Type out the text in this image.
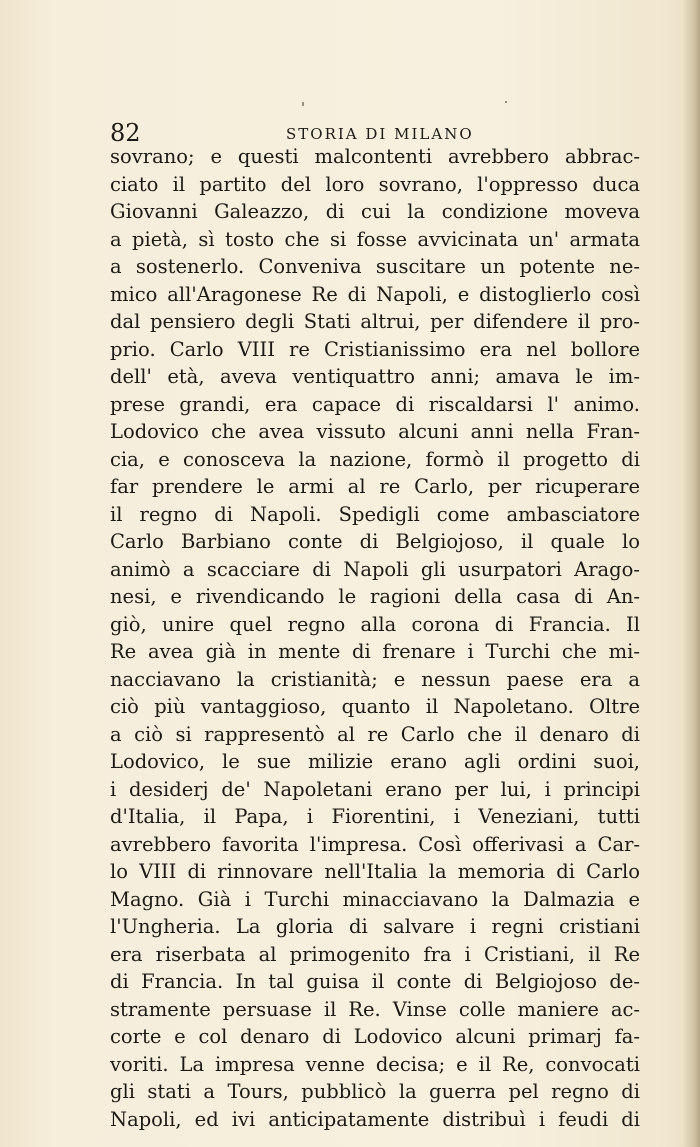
82	STORIA DI MILANO
sovrano; e questi malcontenti avrebbero abbrac-
ciato il partito del loro sovrano, l'oppresso duca
Giovanni Galeazzo, di cui la condizione moveva
a pietà, sì tosto che si fosse avvicinata un' armata
a sostenerlo. Conveniva suscitare un potente ne-
mico all'Aragonese Re di Napoli, e distoglierlo così
dal pensiero degli Stati altrui, per difendere il pro-
prio. Carlo VIII re Cristianissimo era nel bollore
dell' età, aveva ventiquattro anni; amava le im-
prese grandi, era capace di riscaldarsi l' animo.
Lodovico che avea vissuto alcuni anni nella Fran-
cia, e conosceva la nazione, formò il progetto di
far prendere le armi al re Carlo, per ricuperare
il regno di Napoli. Spedigli come ambasciatore
Carlo Barbiano conte di Belgiojoso, il quale lo
animò a scacciare di Napoli gli usurpatori Arago-
nesi, e rivendicando le ragioni della casa di An-
giò, unire quel regno alla corona di Francia. Il
Re avea già in mente di frenare i Turchi che mi-
nacciavano la cristianità; e nessun paese era a
ciò più vantaggioso, quanto il Napoletano. Oltre
a ciò si rappresentò al re Carlo che il denaro di
Lodovico, le sue milizie erano agli ordini suoi,
i desiderj de' Napoletani erano per lui, i principi
d'Italia, il Papa, i Fiorentini, i Veneziani, tutti
avrebbero favorita l'impresa. Così offerivasi a Car-
lo VIII di rinnovare nell'Italia la memoria di Carlo
Magno. Già i Turchi minacciavano la Dalmazia e
l'Ungheria. La gloria di salvare i regni cristiani
era riserbata al primogenito fra i Cristiani, il Re
di Francia. In tal guisa il conte di Belgiojoso de-
stramente persuase il Re. Vinse colle maniere ac-
corte e col denaro di Lodovico alcuni primarj fa-
voriti. La impresa venne decisa; e il Re, convocati
gli stati a Tours, pubblicò la guerra pel regno di
Napoli, ed ivi anticipatamente distribuì i feudi di
